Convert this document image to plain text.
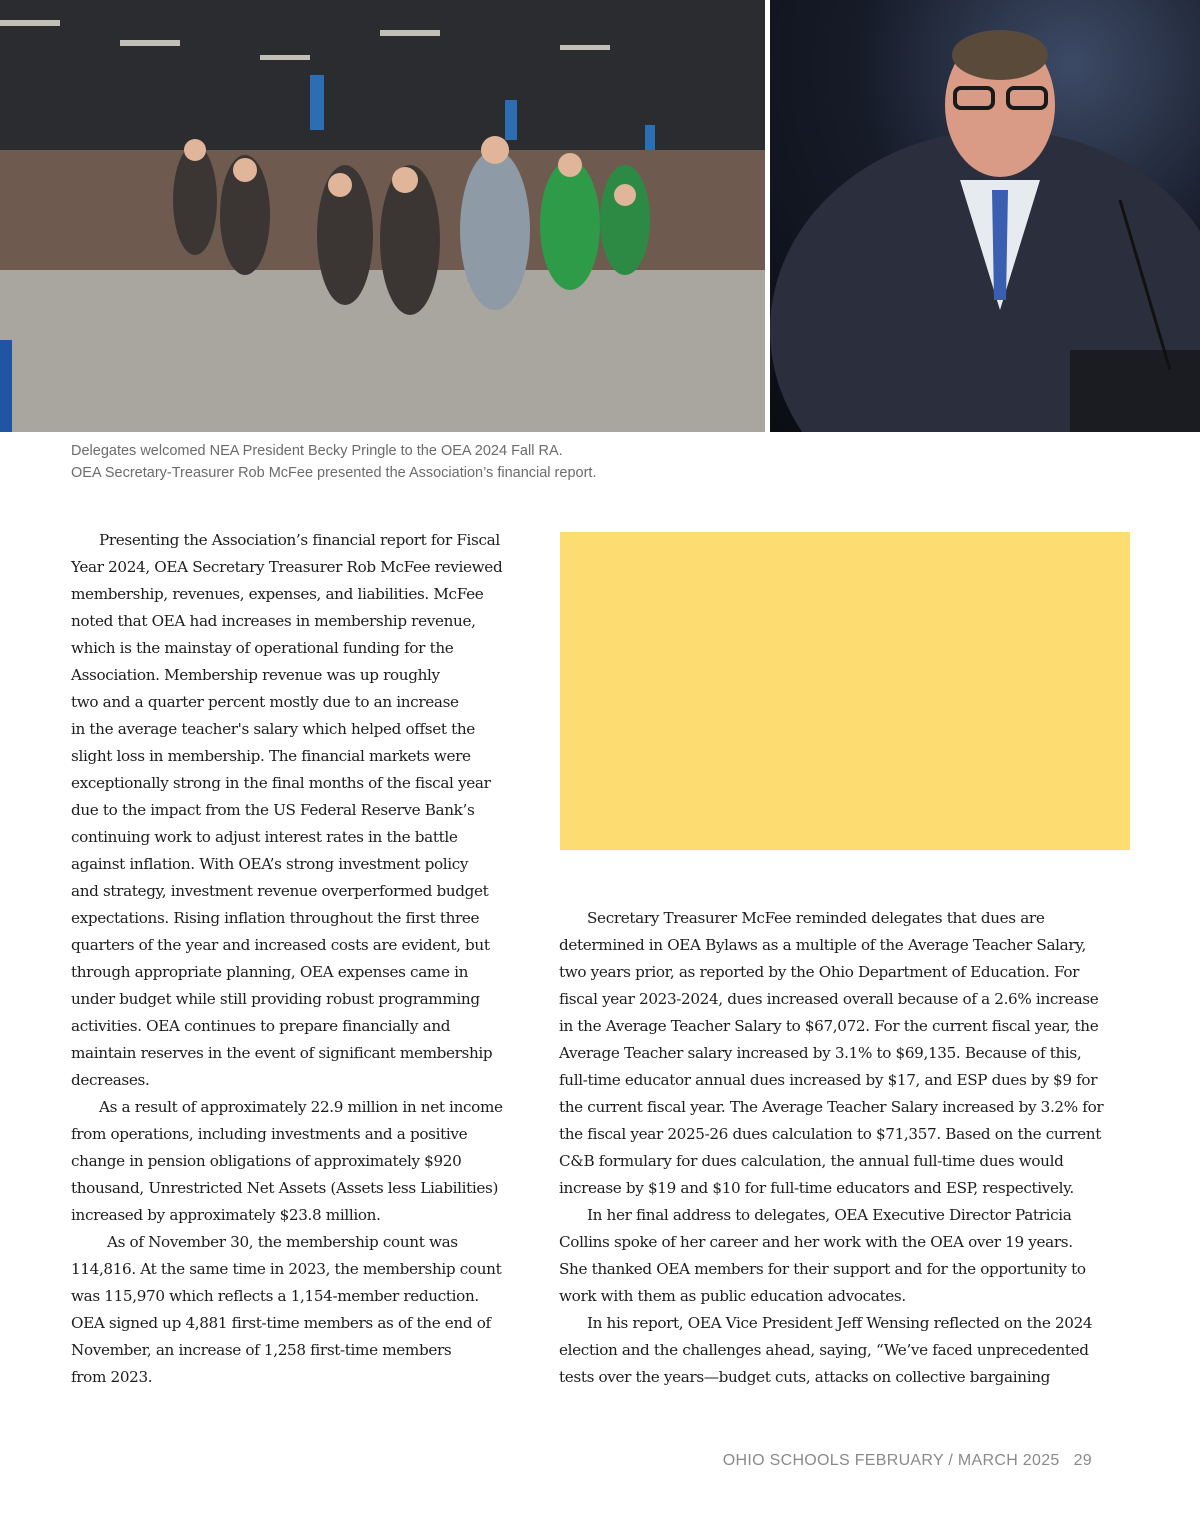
Delegates welcomed NEA President Becky Pringle to the OEA 2024 Fall RA.
OEA Secretary-Treasurer Rob McFee presented the Association’s financial report.
Presenting the Association’s financial report for Fiscal
Year 2024, OEA Secretary Treasurer Rob McFee reviewed
membership, revenues, expenses, and liabilities. McFee
noted that OEA had increases in membership revenue,
which is the mainstay of operational funding for the
Association. Membership revenue was up roughly
two and a quarter percent mostly due to an increase
in the average teacher's salary which helped offset the
slight loss in membership. The financial markets were
exceptionally strong in the final months of the fiscal year
due to the impact from the US Federal Reserve Bank’s
continuing work to adjust interest rates in the battle
against inflation. With OEA’s strong investment policy
and strategy, investment revenue overperformed budget
expectations. Rising inflation throughout the first three
quarters of the year and increased costs are evident, but
through appropriate planning, OEA expenses came in
under budget while still providing robust programming
activities. OEA continues to prepare financially and
maintain reserves in the event of significant membership
decreases.
As a result of approximately 22.9 million in net income
from operations, including investments and a positive
change in pension obligations of approximately $920
thousand, Unrestricted Net Assets (Assets less Liabilities)
increased by approximately $23.8 million.
As of November 30, the membership count was
114,816. At the same time in 2023, the membership count
was 115,970 which reflects a 1,154-member reduction.
OEA signed up 4,881 first-time members as of the end of
November, an increase of 1,258 first-time members
from 2023.
Secretary Treasurer McFee reminded delegates that dues are
determined in OEA Bylaws as a multiple of the Average Teacher Salary,
two years prior, as reported by the Ohio Department of Education. For
fiscal year 2023-2024, dues increased overall because of a 2.6% increase
in the Average Teacher Salary to $67,072. For the current fiscal year, the
Average Teacher salary increased by 3.1% to $69,135. Because of this,
full-time educator annual dues increased by $17, and ESP dues by $9 for
the current fiscal year. The Average Teacher Salary increased by 3.2% for
the fiscal year 2025-26 dues calculation to $71,357. Based on the current
C&B formulary for dues calculation, the annual full-time dues would
increase by $19 and $10 for full-time educators and ESP, respectively.
In her final address to delegates, OEA Executive Director Patricia
Collins spoke of her career and her work with the OEA over 19 years.
She thanked OEA members for their support and for the opportunity to
work with them as public education advocates.
In his report, OEA Vice President Jeff Wensing reflected on the 2024
election and the challenges ahead, saying, “We’ve faced unprecedented
tests over the years—budget cuts, attacks on collective bargaining
OHIO SCHOOLS FEBRUARY / MARCH 2025 29
